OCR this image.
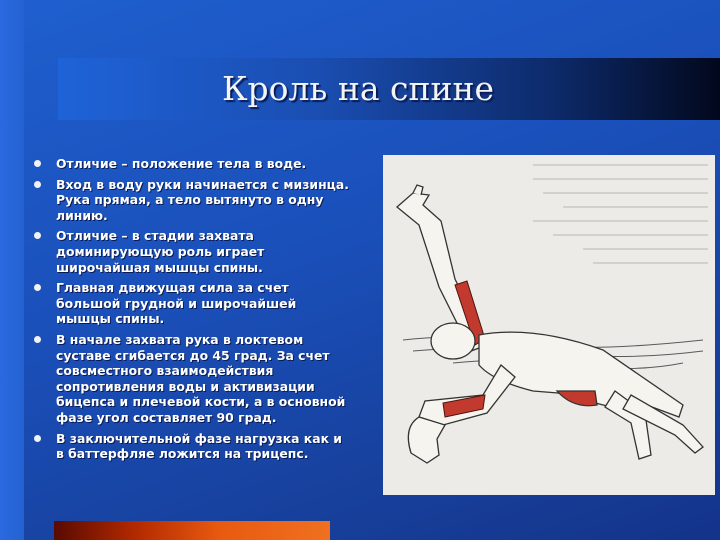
Кроль на спине
Отличие – положение тела в воде.
Вход в воду руки начинается с мизинца. Рука прямая, а тело вытянуто в одну линию.
Отличие – в стадии захвата доминирующую роль играет широчайшая мышцы спины.
Главная движущая сила за счет большой грудной и широчайшей мышцы спины.
В начале захвата рука в локтевом суставе сгибается до 45 град. За счет совсместного взаимодействия сопротивления воды и активизации бицепса и плечевой кости, а в основной фазе угол составляет 90 град.
В заключительной фазе нагрузка как и в баттерфляе ложится на трицепс.
